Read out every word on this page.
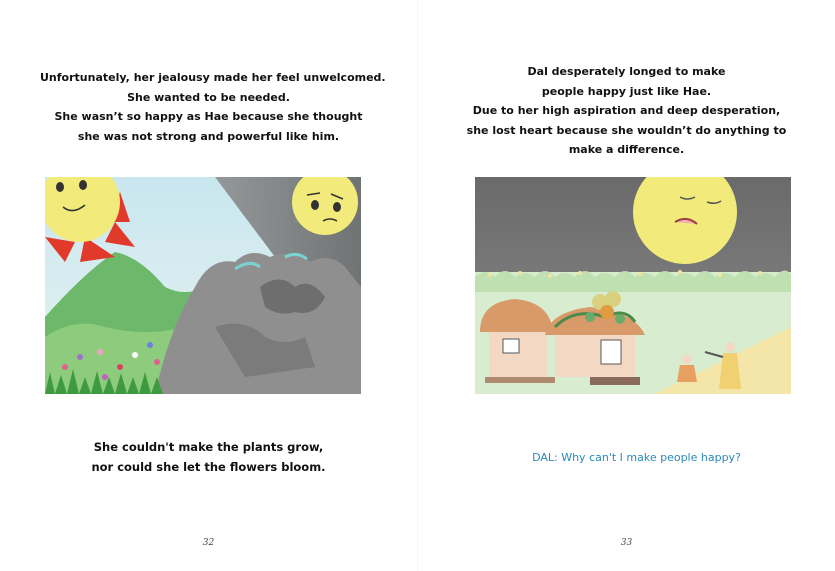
Unfortunately, her jealousy made her feel unwelcomed.
She wanted to be needed.
She wasn’t so happy as Hae because she thought
she was not strong and powerful like him.
She couldn't make the plants grow,
nor could she let the flowers bloom.
32
Dal desperately longed to make
people happy just like Hae.
Due to her high aspiration and deep desperation,
she lost heart because she wouldn’t do anything to
make a difference.
DAL: Why can't I make people happy?
33
